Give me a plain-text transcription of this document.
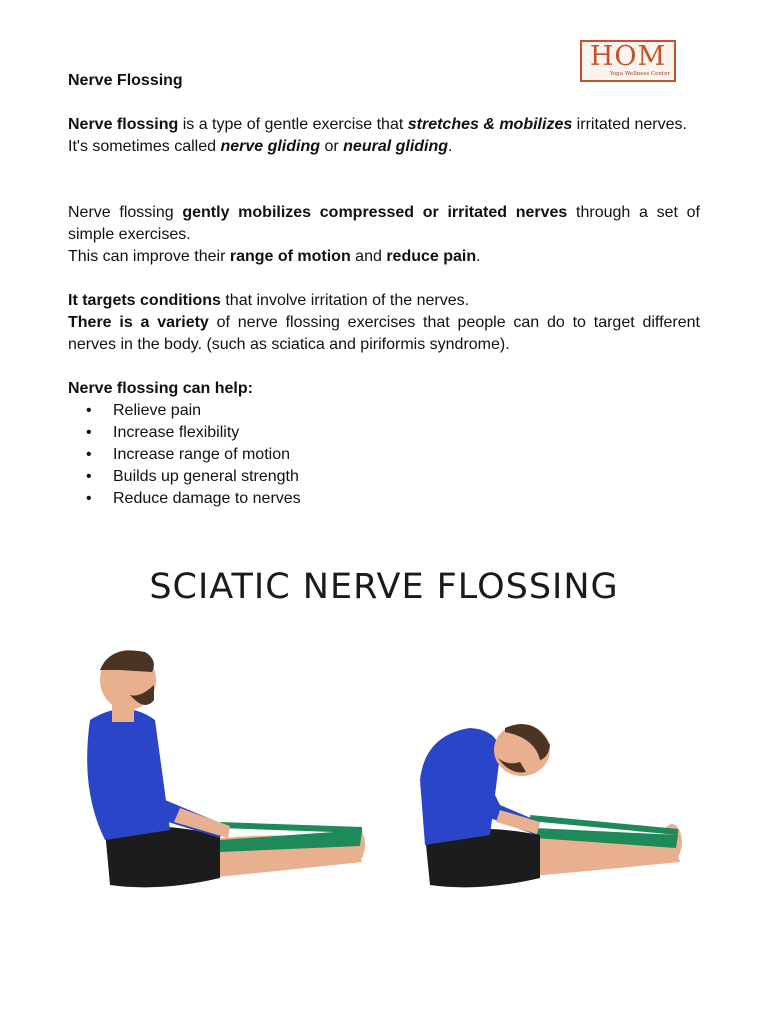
HOM
Yoga Wellness Center
Nerve Flossing

Nerve flossing is a type of gentle exercise that stretches & mobilizes irritated nerves.

It's sometimes called nerve gliding or neural gliding.

Nerve flossing gently mobilizes compressed or irritated nerves through a set of simple exercises.

This can improve their range of motion and reduce pain.

It targets conditions that involve irritation of the nerves.

There is a variety of nerve flossing exercises that people can do to target different nerves in the body. (such as sciatica and piriformis syndrome).

Nerve flossing can help:

• Relieve pain
• Increase flexibility
• Increase range of motion
• Builds up general strength
• Reduce damage to nerves
SCIATIC NERVE FLOSSING
